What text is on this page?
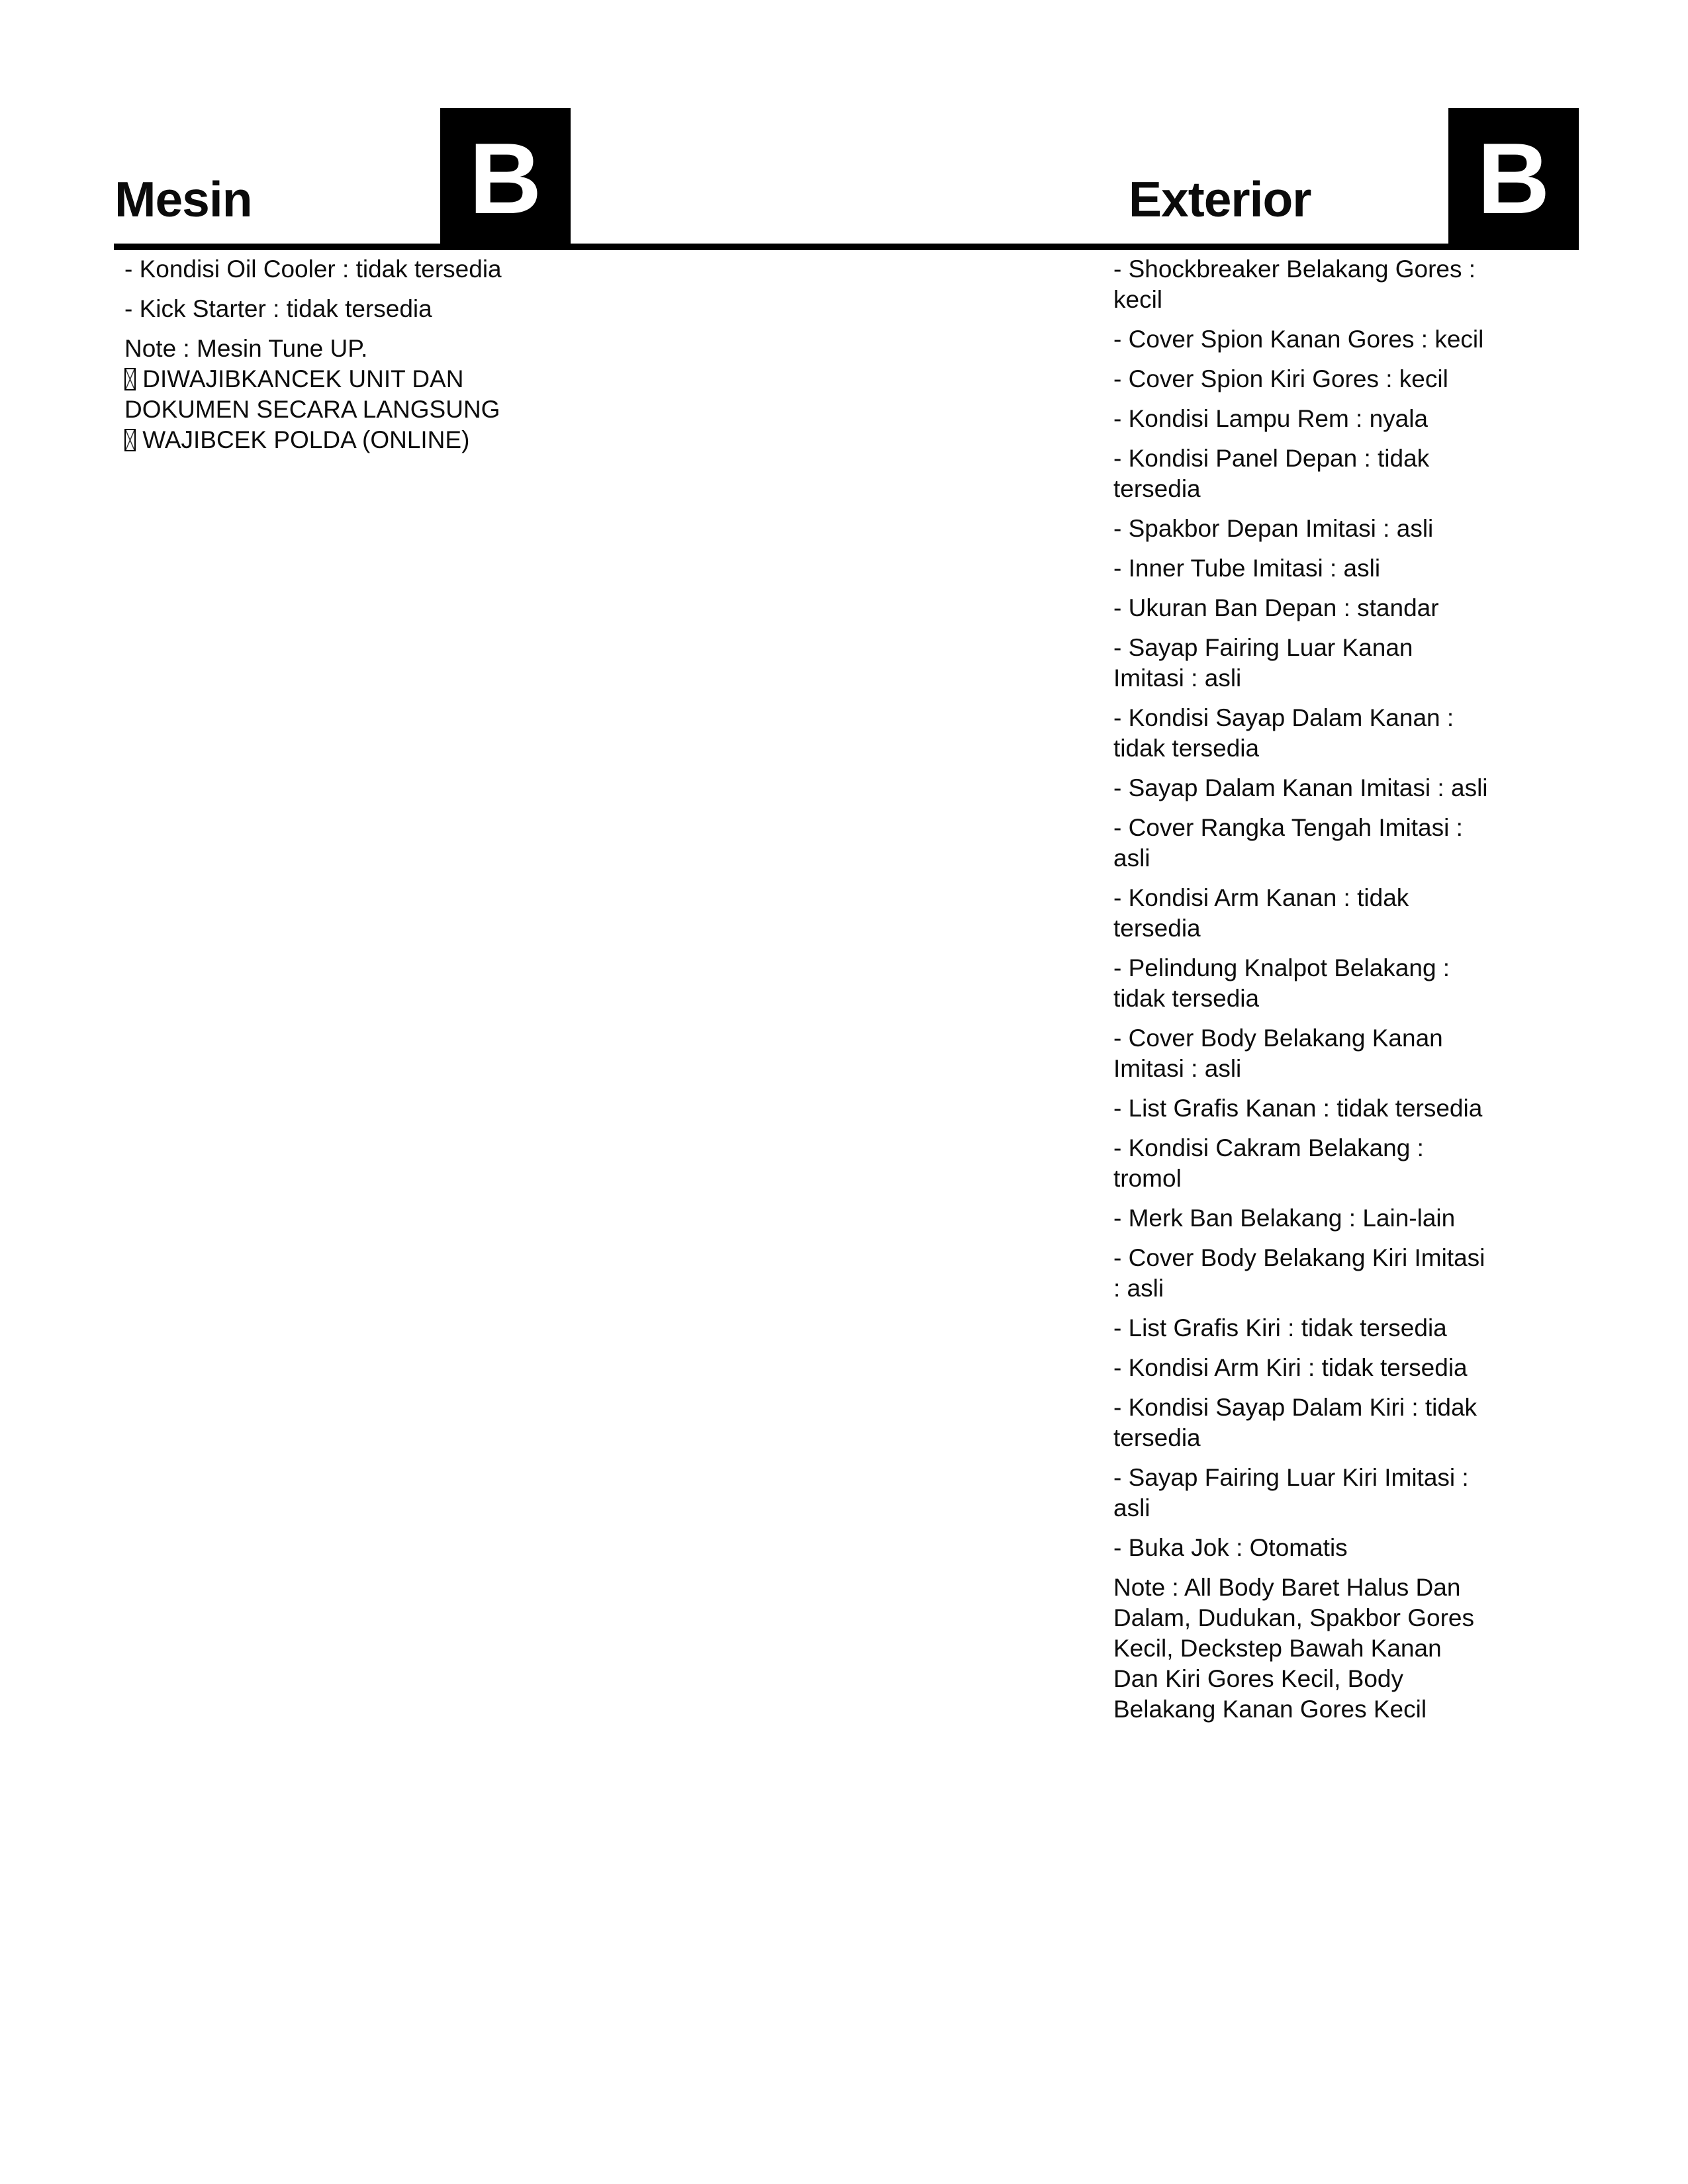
Mesin B

- Kondisi Oil Cooler : tidak tersedia

- Kick Starter : tidak tersedia

Note : Mesin Tune UP.
DIWAJIBKANCEK UNIT DAN DOKUMEN SECARA LANGSUNG
WAJIBCEK POLDA (ONLINE)

Exterior B

- Shockbreaker Belakang Gores : kecil

- Cover Spion Kanan Gores : kecil

- Cover Spion Kiri Gores : kecil

- Kondisi Lampu Rem : nyala

- Kondisi Panel Depan : tidak tersedia

- Spakbor Depan Imitasi : asli

- Inner Tube Imitasi : asli

- Ukuran Ban Depan : standar

- Sayap Fairing Luar Kanan Imitasi : asli

- Kondisi Sayap Dalam Kanan : tidak tersedia

- Sayap Dalam Kanan Imitasi : asli

- Cover Rangka Tengah Imitasi : asli

- Kondisi Arm Kanan : tidak tersedia

- Pelindung Knalpot Belakang : tidak tersedia

- Cover Body Belakang Kanan Imitasi : asli

- List Grafis Kanan : tidak tersedia

- Kondisi Cakram Belakang : tromol

- Merk Ban Belakang : Lain-lain

- Cover Body Belakang Kiri Imitasi : asli

- List Grafis Kiri : tidak tersedia

- Kondisi Arm Kiri : tidak tersedia

- Kondisi Sayap Dalam Kiri : tidak tersedia

- Sayap Fairing Luar Kiri Imitasi : asli

- Buka Jok : Otomatis

Note : All Body Baret Halus Dan Dalam, Dudukan, Spakbor Gores Kecil, Deckstep Bawah Kanan Dan Kiri Gores Kecil, Body Belakang Kanan Gores Kecil
